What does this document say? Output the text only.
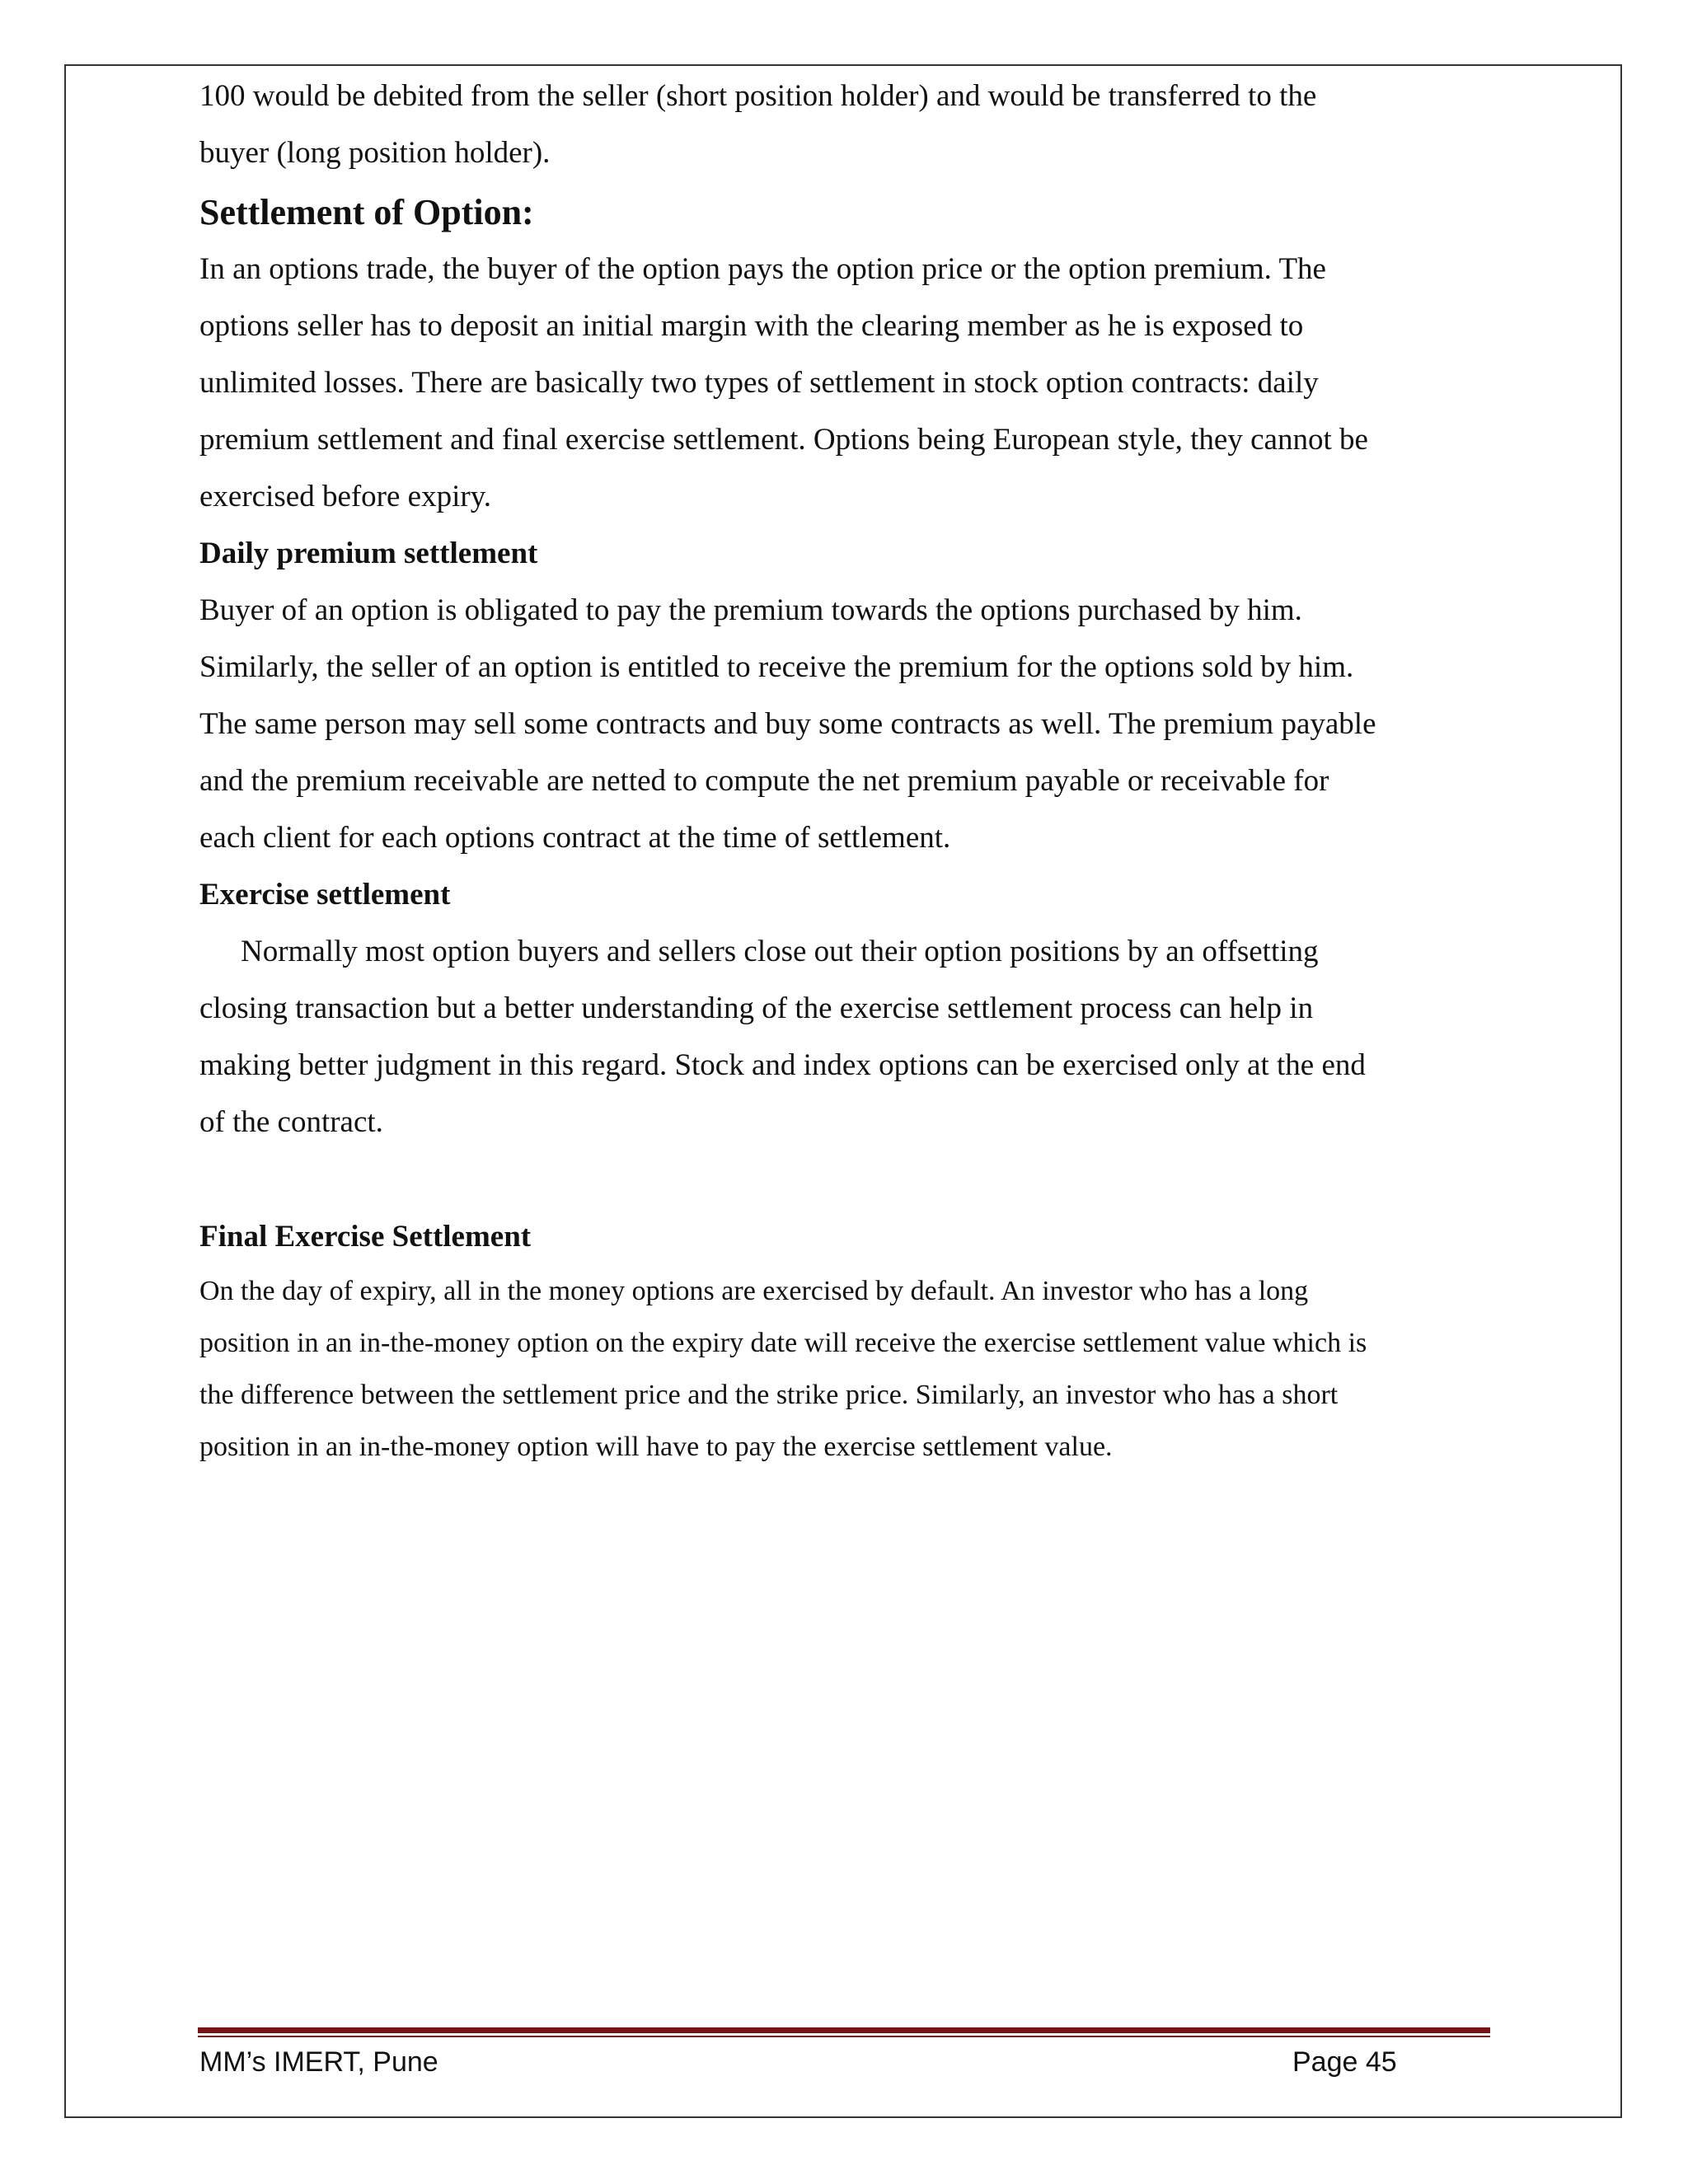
100 would be debited from the seller (short position holder) and would be transferred to the

buyer (long position holder).

Settlement of Option:

In an options trade, the buyer of the option pays the option price or the option premium. The

options seller has to deposit an initial margin with the clearing member as he is exposed to

unlimited losses. There are basically two types of settlement in stock option contracts: daily

premium settlement and final exercise settlement. Options being European style, they cannot be

exercised before expiry.

Daily premium settlement

Buyer of an option is obligated to pay the premium towards the options purchased by him.

Similarly, the seller of an option is entitled to receive the premium for the options sold by him.

The same person may sell some contracts and buy some contracts as well. The premium payable

and the premium receivable are netted to compute the net premium payable or receivable for

each client for each options contract at the time of settlement.

Exercise settlement

Normally most option buyers and sellers close out their option positions by an offsetting

closing transaction but a better understanding of the exercise settlement process can help in

making better judgment in this regard. Stock and index options can be exercised only at the end

of the contract.

Final Exercise Settlement

On the day of expiry, all in the money options are exercised by default. An investor who has a long

position in an in-the-money option on the expiry date will receive the exercise settlement value which is

the difference between the settlement price and the strike price. Similarly, an investor who has a short

position in an in-the-money option will have to pay the exercise settlement value.

MM’s IMERT, Pune	Page 45
